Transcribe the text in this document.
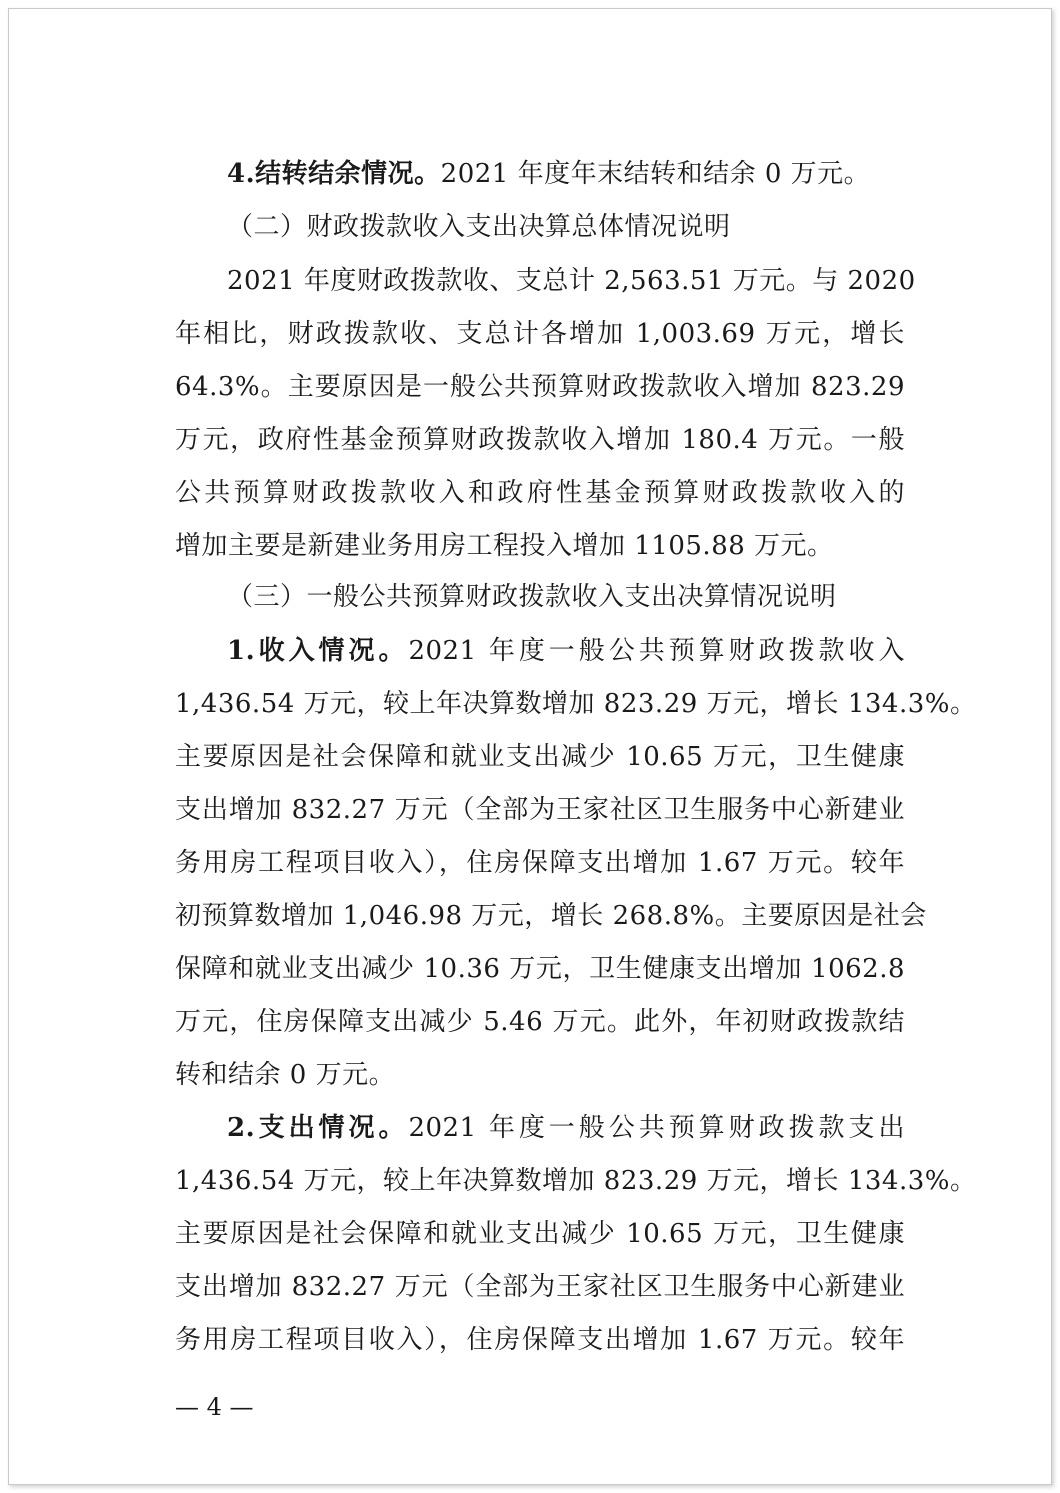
4.结转结余情况。2021 年度年末结转和结余 0 万元。
（二）财政拨款收入支出决算总体情况说明
2021 年度财政拨款收、支总计 2,563.51 万元。与 2020
年相比，财政拨款收、支总计各增加 1,003.69 万元，增长
64.3%。主要原因是一般公共预算财政拨款收入增加 823.29
万元，政府性基金预算财政拨款收入增加 180.4 万元。一般
公共预算财政拨款收入和政府性基金预算财政拨款收入的
增加主要是新建业务用房工程投入增加 1105.88 万元。
（三）一般公共预算财政拨款收入支出决算情况说明
1.收入情况。2021 年度一般公共预算财政拨款收入
1,436.54 万元，较上年决算数增加 823.29 万元，增长 134.3%。
主要原因是社会保障和就业支出减少 10.65 万元，卫生健康
支出增加 832.27 万元（全部为王家社区卫生服务中心新建业
务用房工程项目收入），住房保障支出增加 1.67 万元。较年
初预算数增加 1,046.98 万元，增长 268.8%。主要原因是社会
保障和就业支出减少 10.36 万元，卫生健康支出增加 1062.8
万元，住房保障支出减少 5.46 万元。此外，年初财政拨款结
转和结余 0 万元。
2.支出情况。2021 年度一般公共预算财政拨款支出
1,436.54 万元，较上年决算数增加 823.29 万元，增长 134.3%。
主要原因是社会保障和就业支出减少 10.65 万元，卫生健康
支出增加 832.27 万元（全部为王家社区卫生服务中心新建业
务用房工程项目收入），住房保障支出增加 1.67 万元。较年
— 4 —
